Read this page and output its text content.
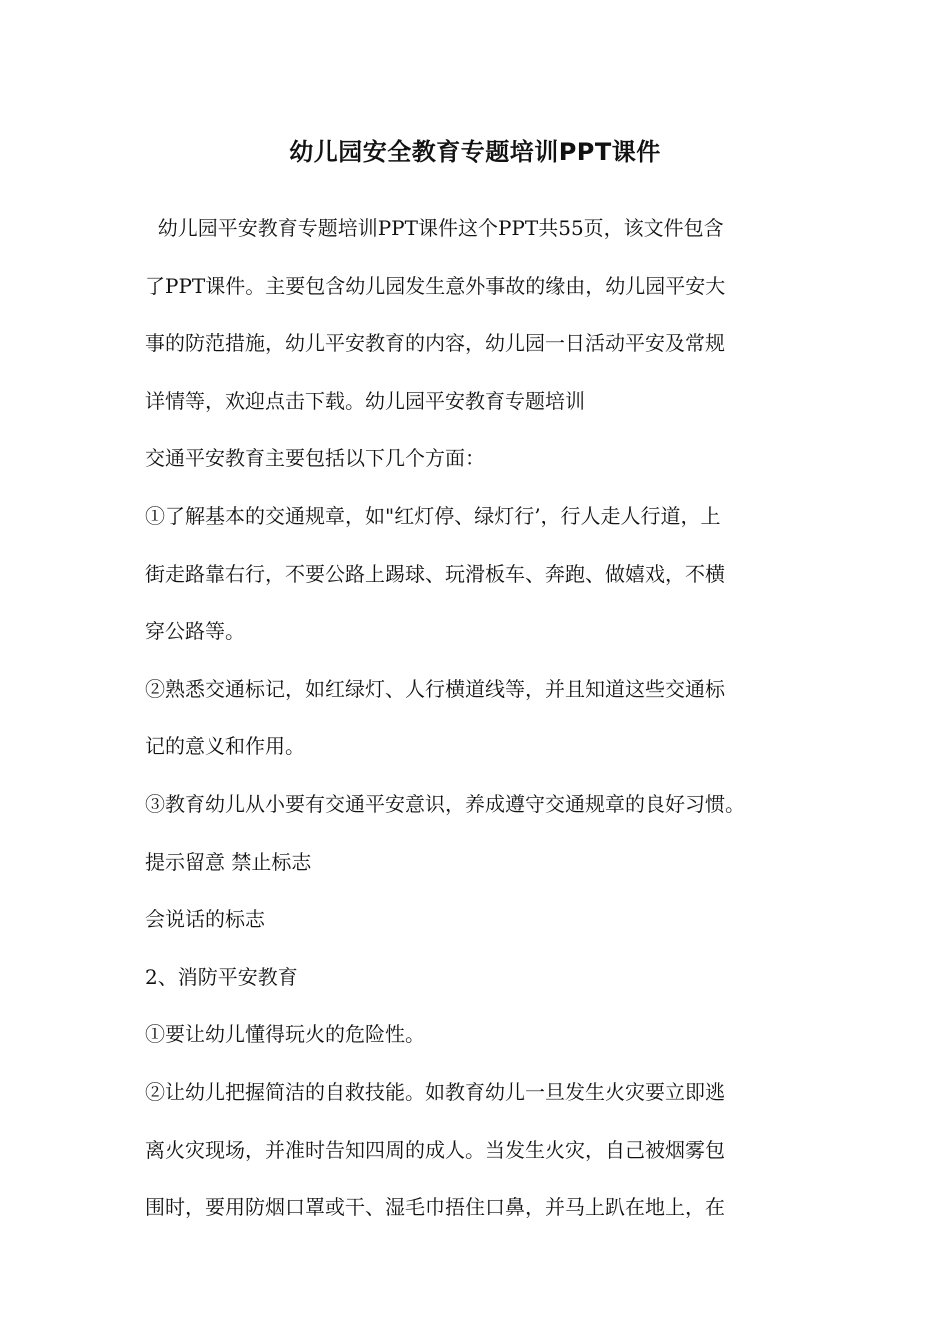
幼儿园安全教育专题培训PPT课件

幼儿园平安教育专题培训PPT课件这个PPT共55页，该文件包含

了PPT课件。主要包含幼儿园发生意外事故的缘由，幼儿园平安大

事的防范措施，幼儿平安教育的内容，幼儿园一日活动平安及常规

详情等，欢迎点击下载。幼儿园平安教育专题培训

交通平安教育主要包括以下几个方面：

①了解基本的交通规章，如"红灯停、绿灯行’，行人走人行道，上

街走路靠右行，不要公路上踢球、玩滑板车、奔跑、做嬉戏，不横

穿公路等。

②熟悉交通标记，如红绿灯、人行横道线等，并且知道这些交通标

记的意义和作用。

③教育幼儿从小要有交通平安意识，养成遵守交通规章的良好习惯。

提示留意 禁止标志

会说话的标志

2、消防平安教育

①要让幼儿懂得玩火的危险性。

②让幼儿把握简洁的自救技能。如教育幼儿一旦发生火灾要立即逃

离火灾现场，并准时告知四周的成人。当发生火灾，自己被烟雾包

围时，要用防烟口罩或干、湿毛巾捂住口鼻，并马上趴在地上，在
